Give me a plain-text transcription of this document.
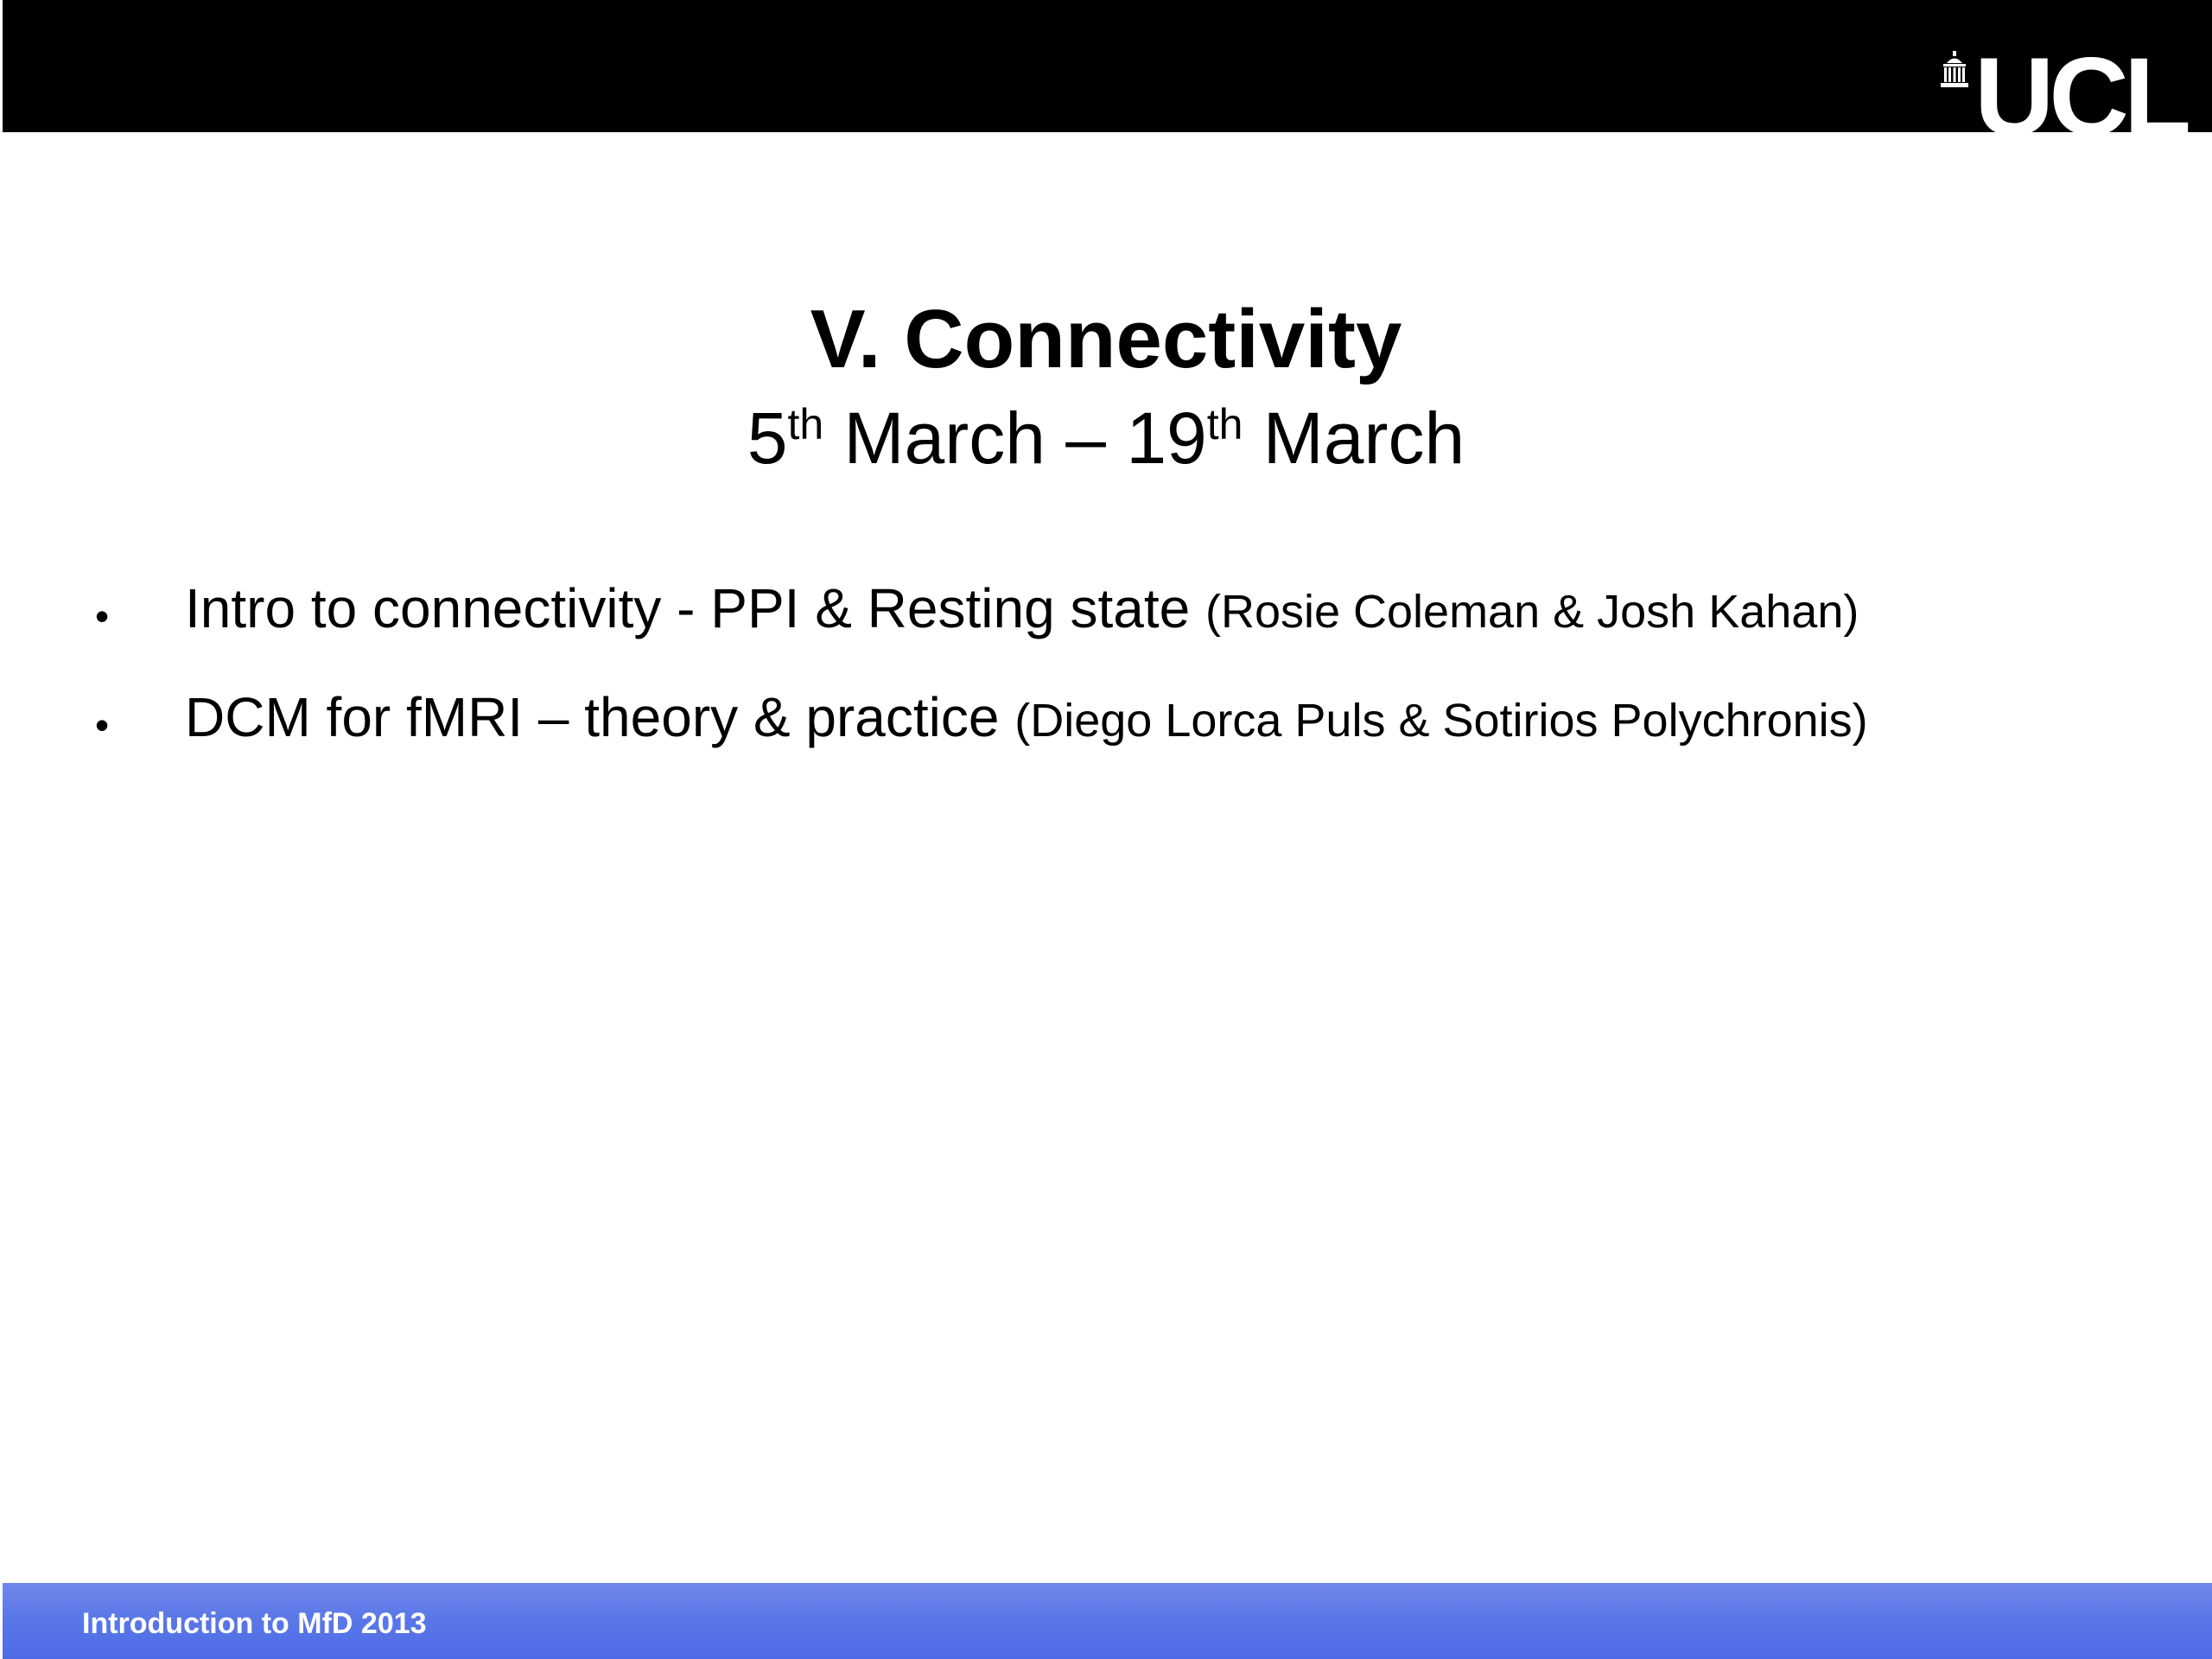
UCL
V. Connectivity
5th March – 19th March
• Intro to connectivity - PPI & Resting state (Rosie Coleman & Josh Kahan)
• DCM for fMRI – theory & practice (Diego Lorca Puls & Sotirios Polychronis)
Introduction to MfD 2013
